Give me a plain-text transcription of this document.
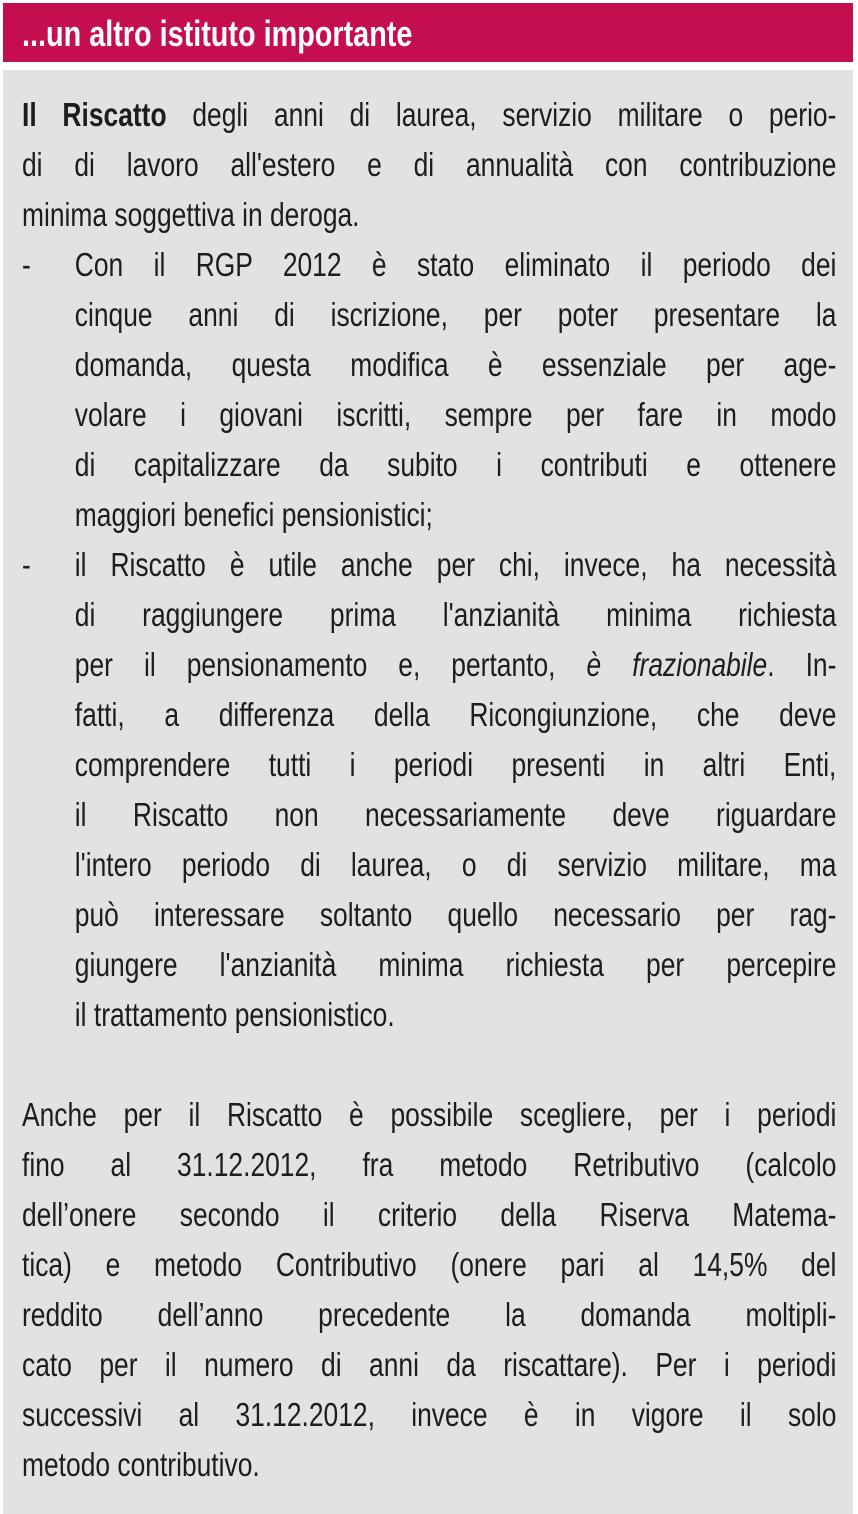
...un altro istituto importante
Il Riscatto degli anni di laurea, servizio militare o perio-
di di lavoro all'estero e di annualità con contribuzione
minima soggettiva in deroga.
- Con il RGP 2012 è stato eliminato il periodo dei
cinque anni di iscrizione, per poter presentare la
domanda, questa modifica è essenziale per age-
volare i giovani iscritti, sempre per fare in modo
di capitalizzare da subito i contributi e ottenere
maggiori benefici pensionistici;
- il Riscatto è utile anche per chi, invece, ha necessità
di raggiungere prima l'anzianità minima richiesta
per il pensionamento e, pertanto, è frazionabile. In-
fatti, a differenza della Ricongiunzione, che deve
comprendere tutti i periodi presenti in altri Enti,
il Riscatto non necessariamente deve riguardare
l'intero periodo di laurea, o di servizio militare, ma
può interessare soltanto quello necessario per rag-
giungere l'anzianità minima richiesta per percepire
il trattamento pensionistico.
Anche per il Riscatto è possibile scegliere, per i periodi
fino al 31.12.2012, fra metodo Retributivo (calcolo
dell’onere secondo il criterio della Riserva Matema-
tica) e metodo Contributivo (onere pari al 14,5% del
reddito dell’anno precedente la domanda moltipli-
cato per il numero di anni da riscattare). Per i periodi
successivi al 31.12.2012, invece è in vigore il solo
metodo contributivo.
